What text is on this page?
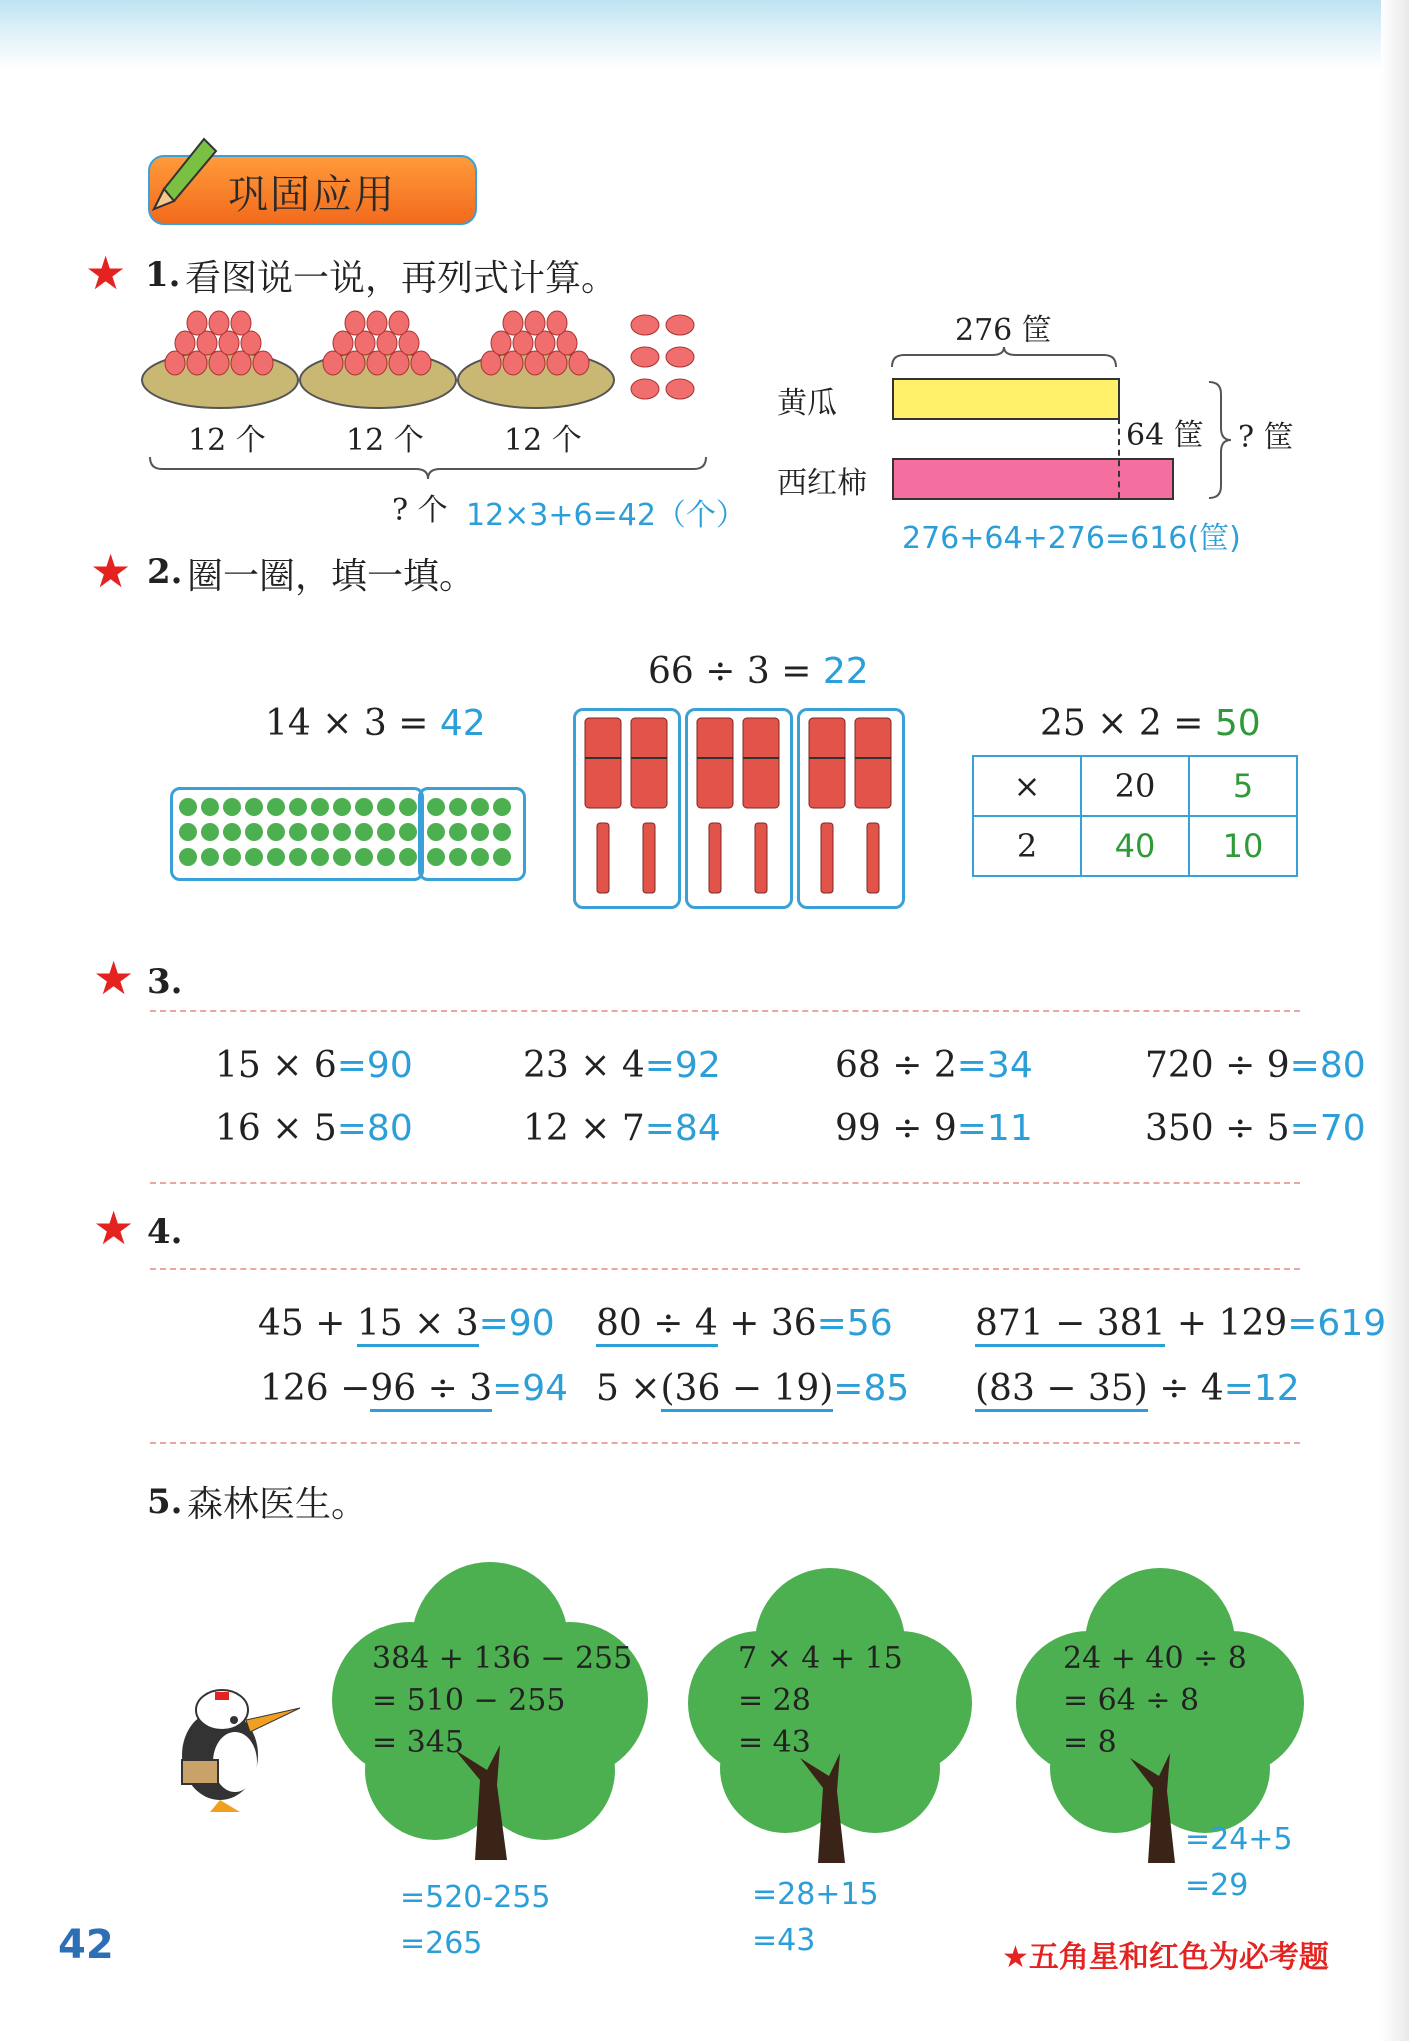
巩固应用
★ 1. 看图说一说，再列式计算。
12 个	12 个	12 个
? 个 12×3+6=42（个）
276 筐
黄瓜
西红柿
64 筐 ? 筐
276+64+276=616(筐)
★ 2. 圈一圈，填一填。
14 × 3 = 42
66 ÷ 3 = 22
25 × 2 = 50
×	20	5
2	40	10
★ 3.
15 × 6=90	23 × 4=92	68 ÷ 2=34	720 ÷ 9=80
16 × 5=80	12 × 7=84	99 ÷ 9=11	350 ÷ 5=70
★ 4.
45 + 15 × 3=90 80 ÷ 4 + 36=56 871 − 381 + 129=619
126 −96 ÷ 3=94 5 ×(36 − 19)=85 (83 − 35) ÷ 4=12
5. 森林医生。
384 + 136 − 255
= 510 − 255
= 345
7 × 4 + 15
= 28
= 43
24 + 40 ÷ 8
= 64 ÷ 8
= 8
=520-255
=265
=28+15
=43
=24+5
=29
42	★五角星和红色为必考题
